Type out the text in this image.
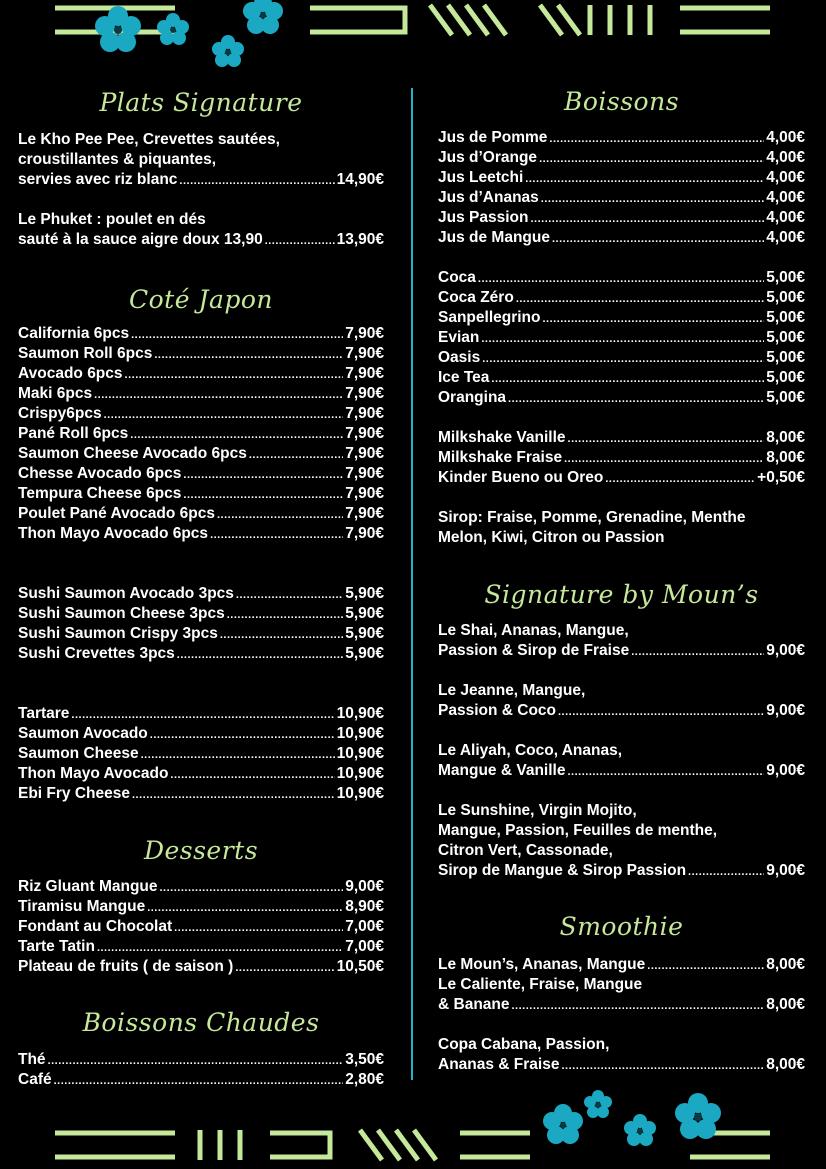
Plats Signature
Le Kho Pee Pee, Crevettes sautées,
croustillantes & piquantes,
servies avec riz blanc .....	14,90€
Le Phuket : poulet en dés
sauté à la sauce aigre doux 13,90 .....	13,90€
Coté Japon
California 6pcs .....	7,90€
Saumon Roll 6pcs .....	7,90€
Avocado 6pcs .....	7,90€
Maki 6pcs .....	7,90€
Crispy6pcs .....	7,90€
Pané Roll 6pcs .....	7,90€
Saumon Cheese Avocado 6pcs .....	7,90€
Chesse Avocado 6pcs .....	7,90€
Tempura Cheese 6pcs .....	7,90€
Poulet Pané Avocado 6pcs .....	7,90€
Thon Mayo Avocado 6pcs .....	7,90€
Sushi Saumon Avocado 3pcs .....	5,90€
Sushi Saumon Cheese 3pcs .....	5,90€
Sushi Saumon Crispy 3pcs .....	5,90€
Sushi Crevettes 3pcs .....	5,90€
Tartare .....	10,90€
Saumon Avocado .....	10,90€
Saumon Cheese .....	10,90€
Thon Mayo Avocado .....	10,90€
Ebi Fry Cheese .....	10,90€
Desserts
Riz Gluant Mangue .....	9,00€
Tiramisu Mangue .....	8,90€
Fondant au Chocolat .....	7,00€
Tarte Tatin .....	7,00€
Plateau de fruits ( de saison ) .....	10,50€
Boissons Chaudes
Thé .....	3,50€
Café .....	2,80€
Boissons
Jus de Pomme .....	4,00€
Jus d’Orange .....	4,00€
Jus Leetchi .....	4,00€
Jus d’Ananas .....	4,00€
Jus Passion .....	4,00€
Jus de Mangue .....	4,00€
Coca .....	5,00€
Coca Zéro .....	5,00€
Sanpellegrino .....	5,00€
Evian .....	5,00€
Oasis .....	5,00€
Ice Tea .....	5,00€
Orangina .....	5,00€
Milkshake Vanille .....	8,00€
Milkshake Fraise .....	8,00€
Kinder Bueno ou Oreo .....	+0,50€
Sirop: Fraise, Pomme, Grenadine, Menthe
Melon, Kiwi, Citron ou Passion
Signature by Moun’s
Le Shai, Ananas, Mangue,
Passion & Sirop de Fraise .....	9,00€
Le Jeanne, Mangue,
Passion & Coco .....	9,00€
Le Aliyah, Coco, Ananas,
Mangue & Vanille .....	9,00€
Le Sunshine, Virgin Mojito,
Mangue, Passion, Feuilles de menthe,
Citron Vert, Cassonade,
Sirop de Mangue & Sirop Passion .....	9,00€
Smoothie
Le Moun’s, Ananas, Mangue .....	8,00€
Le Caliente, Fraise, Mangue
& Banane .....	8,00€
Copa Cabana, Passion,
Ananas & Fraise .....	8,00€
